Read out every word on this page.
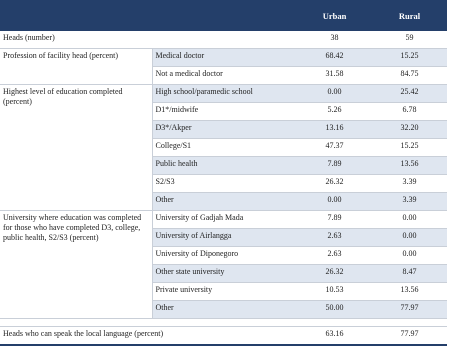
		Urban	Rural
Heads (number)		38	59
Profession of facility head (percent)	Medical doctor	68.42	15.25
	Not a medical doctor	31.58	84.75
Highest level of education completed (percent)	High school/paramedic school	0.00	25.42
	D1*/midwife	5.26	6.78
	D3*/Akper	13.16	32.20
	College/S1	47.37	15.25
	Public health	7.89	13.56
	S2/S3	26.32	3.39
	Other	0.00	3.39
University where education was completed for those who have completed D3, college, public health, S2/S3 (percent)	University of Gadjah Mada	7.89	0.00
	University of Airlangga	2.63	0.00
	University of Diponegoro	2.63	0.00
	Other state university	26.32	8.47
	Private university	10.53	13.56
	Other	50.00	77.97

Heads who can speak the local language (percent)		63.16	77.97
